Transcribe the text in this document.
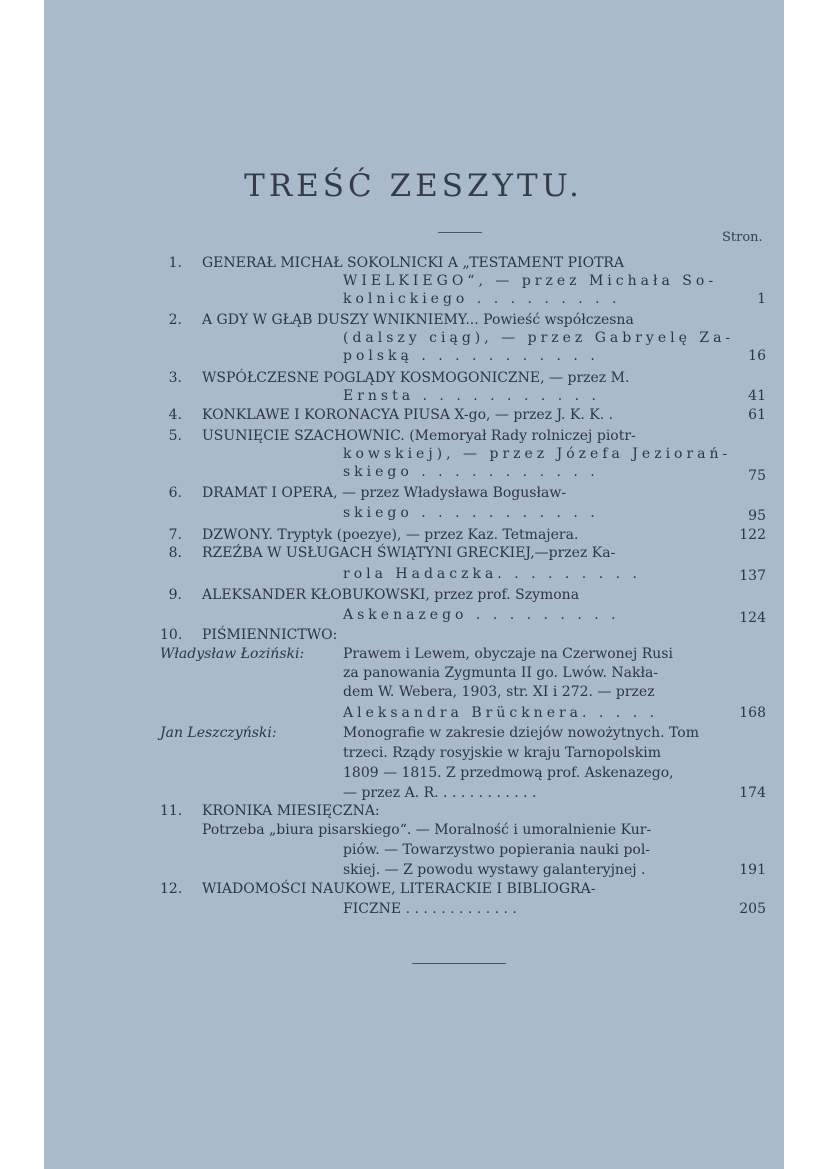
TREŚĆ ZESZYTU.
Stron.
1. GENERAŁ MICHAŁ SOKOLNICKI A „TESTAMENT PIOTRA
WIELKIEGO“, — przez Michała So-
kolnickiego . . . . . . . . .	1
2. A GDY W GŁĄB DUSZY WNIKNIEMY... Powieść współczesna
(dalszy ciąg), — przez Gabryelę Za-
polską . . . . . . . . . . .	16
3. WSPÓŁCZESNE POGLĄDY KOSMOGONICZNE, — przez M.
Ernsta . . . . . . . . . . .	41
4. KONKLAWE I KORONACYA PIUSA X-go, — przez J. K. K. .	61
5. USUNIĘCIE SZACHOWNIC. (Memoryał Rady rolniczej piotr-
kowskiej), — przez Józefa Jeziorań-
skiego . . . . . . . . . . .	75
6. DRAMAT I OPERA, — przez Władysława Bogusław-
skiego . . . . . . . . . . .	95
7. DZWONY. Tryptyk (poezye), — przez Kaz. Tetmajera.	122
8. RZEŹBA W USŁUGACH ŚWIĄTYNI GRECKIEJ,—przez Ka-
rola Hadaczka. . . . . . . . .	137
9. ALEKSANDER KŁOBUKOWSKI, przez prof. Szymona
Askenazego . . . . . . . . .	124
10. PIŚMIENNICTWO:
Władysław Łoziński:	Prawem i Lewem, obyczaje na Czerwonej Rusi
za panowania Zygmunta II go. Lwów. Nakła-
dem W. Webera, 1903, str. XI i 272. — przez
Aleksandra Brücknera. . . . .	168
Jan Leszczyński:	Monografie w zakresie dziejów nowożytnych. Tom
trzeci. Rządy rosyjskie w kraju Tarnopolskim
1809 — 1815. Z przedmową prof. Askenazego,
— przez A. R. . . . . . . . . . . .	174
11. KRONIKA MIESIĘCZNA:
Potrzeba „biura pisarskiego“. — Moralność i umoralnienie Kur-
piów. — Towarzystwo popierania nauki pol-
skiej. — Z powodu wystawy galanteryjnej .	191
12. WIADOMOŚCI NAUKOWE, LITERACKIE I BIBLIOGRA-
FICZNE . . . . . . . . . . . . .	205
